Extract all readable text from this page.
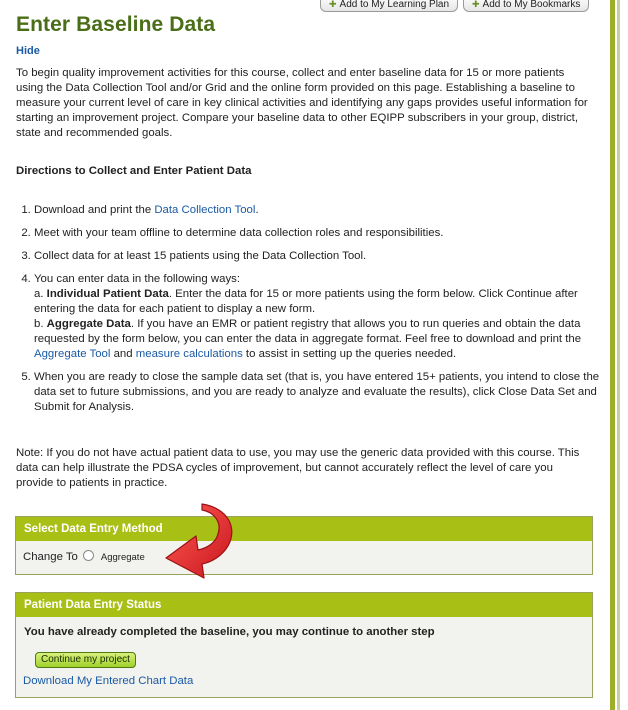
✚ Add to My Learning Plan	✚ Add to My Bookmarks
Enter Baseline Data
Hide
To begin quality improvement activities for this course, collect and enter baseline data for 15 or more patients using the Data Collection Tool and/or Grid and the online form provided on this page. Establishing a baseline to measure your current level of care in key clinical activities and identifying any gaps provides useful information for starting an improvement project. Compare your baseline data to other EQIPP subscribers in your group, district, state and recommended goals.
Directions to Collect and Enter Patient Data
1. Download and print the Data Collection Tool.
2. Meet with your team offline to determine data collection roles and responsibilities.
3. Collect data for at least 15 patients using the Data Collection Tool.
4. You can enter data in the following ways:
a. Individual Patient Data. Enter the data for 15 or more patients using the form below. Click Continue after entering the data for each patient to display a new form.
b. Aggregate Data. If you have an EMR or patient registry that allows you to run queries and obtain the data requested by the form below, you can enter the data in aggregate format. Feel free to download and print the Aggregate Tool and measure calculations to assist in setting up the queries needed.
5. When you are ready to close the sample data set (that is, you have entered 15+ patients, you intend to close the data set to future submissions, and you are ready to analyze and evaluate the results), click Close Data Set and Submit for Analysis.
Note: If you do not have actual patient data to use, you may use the generic data provided with this course. This data can help illustrate the PDSA cycles of improvement, but cannot accurately reflect the level of care you provide to patients in practice.
Select Data Entry Method
Change To Aggregate
Patient Data Entry Status
You have already completed the baseline, you may continue to another step
Continue my project
Download My Entered Chart Data
